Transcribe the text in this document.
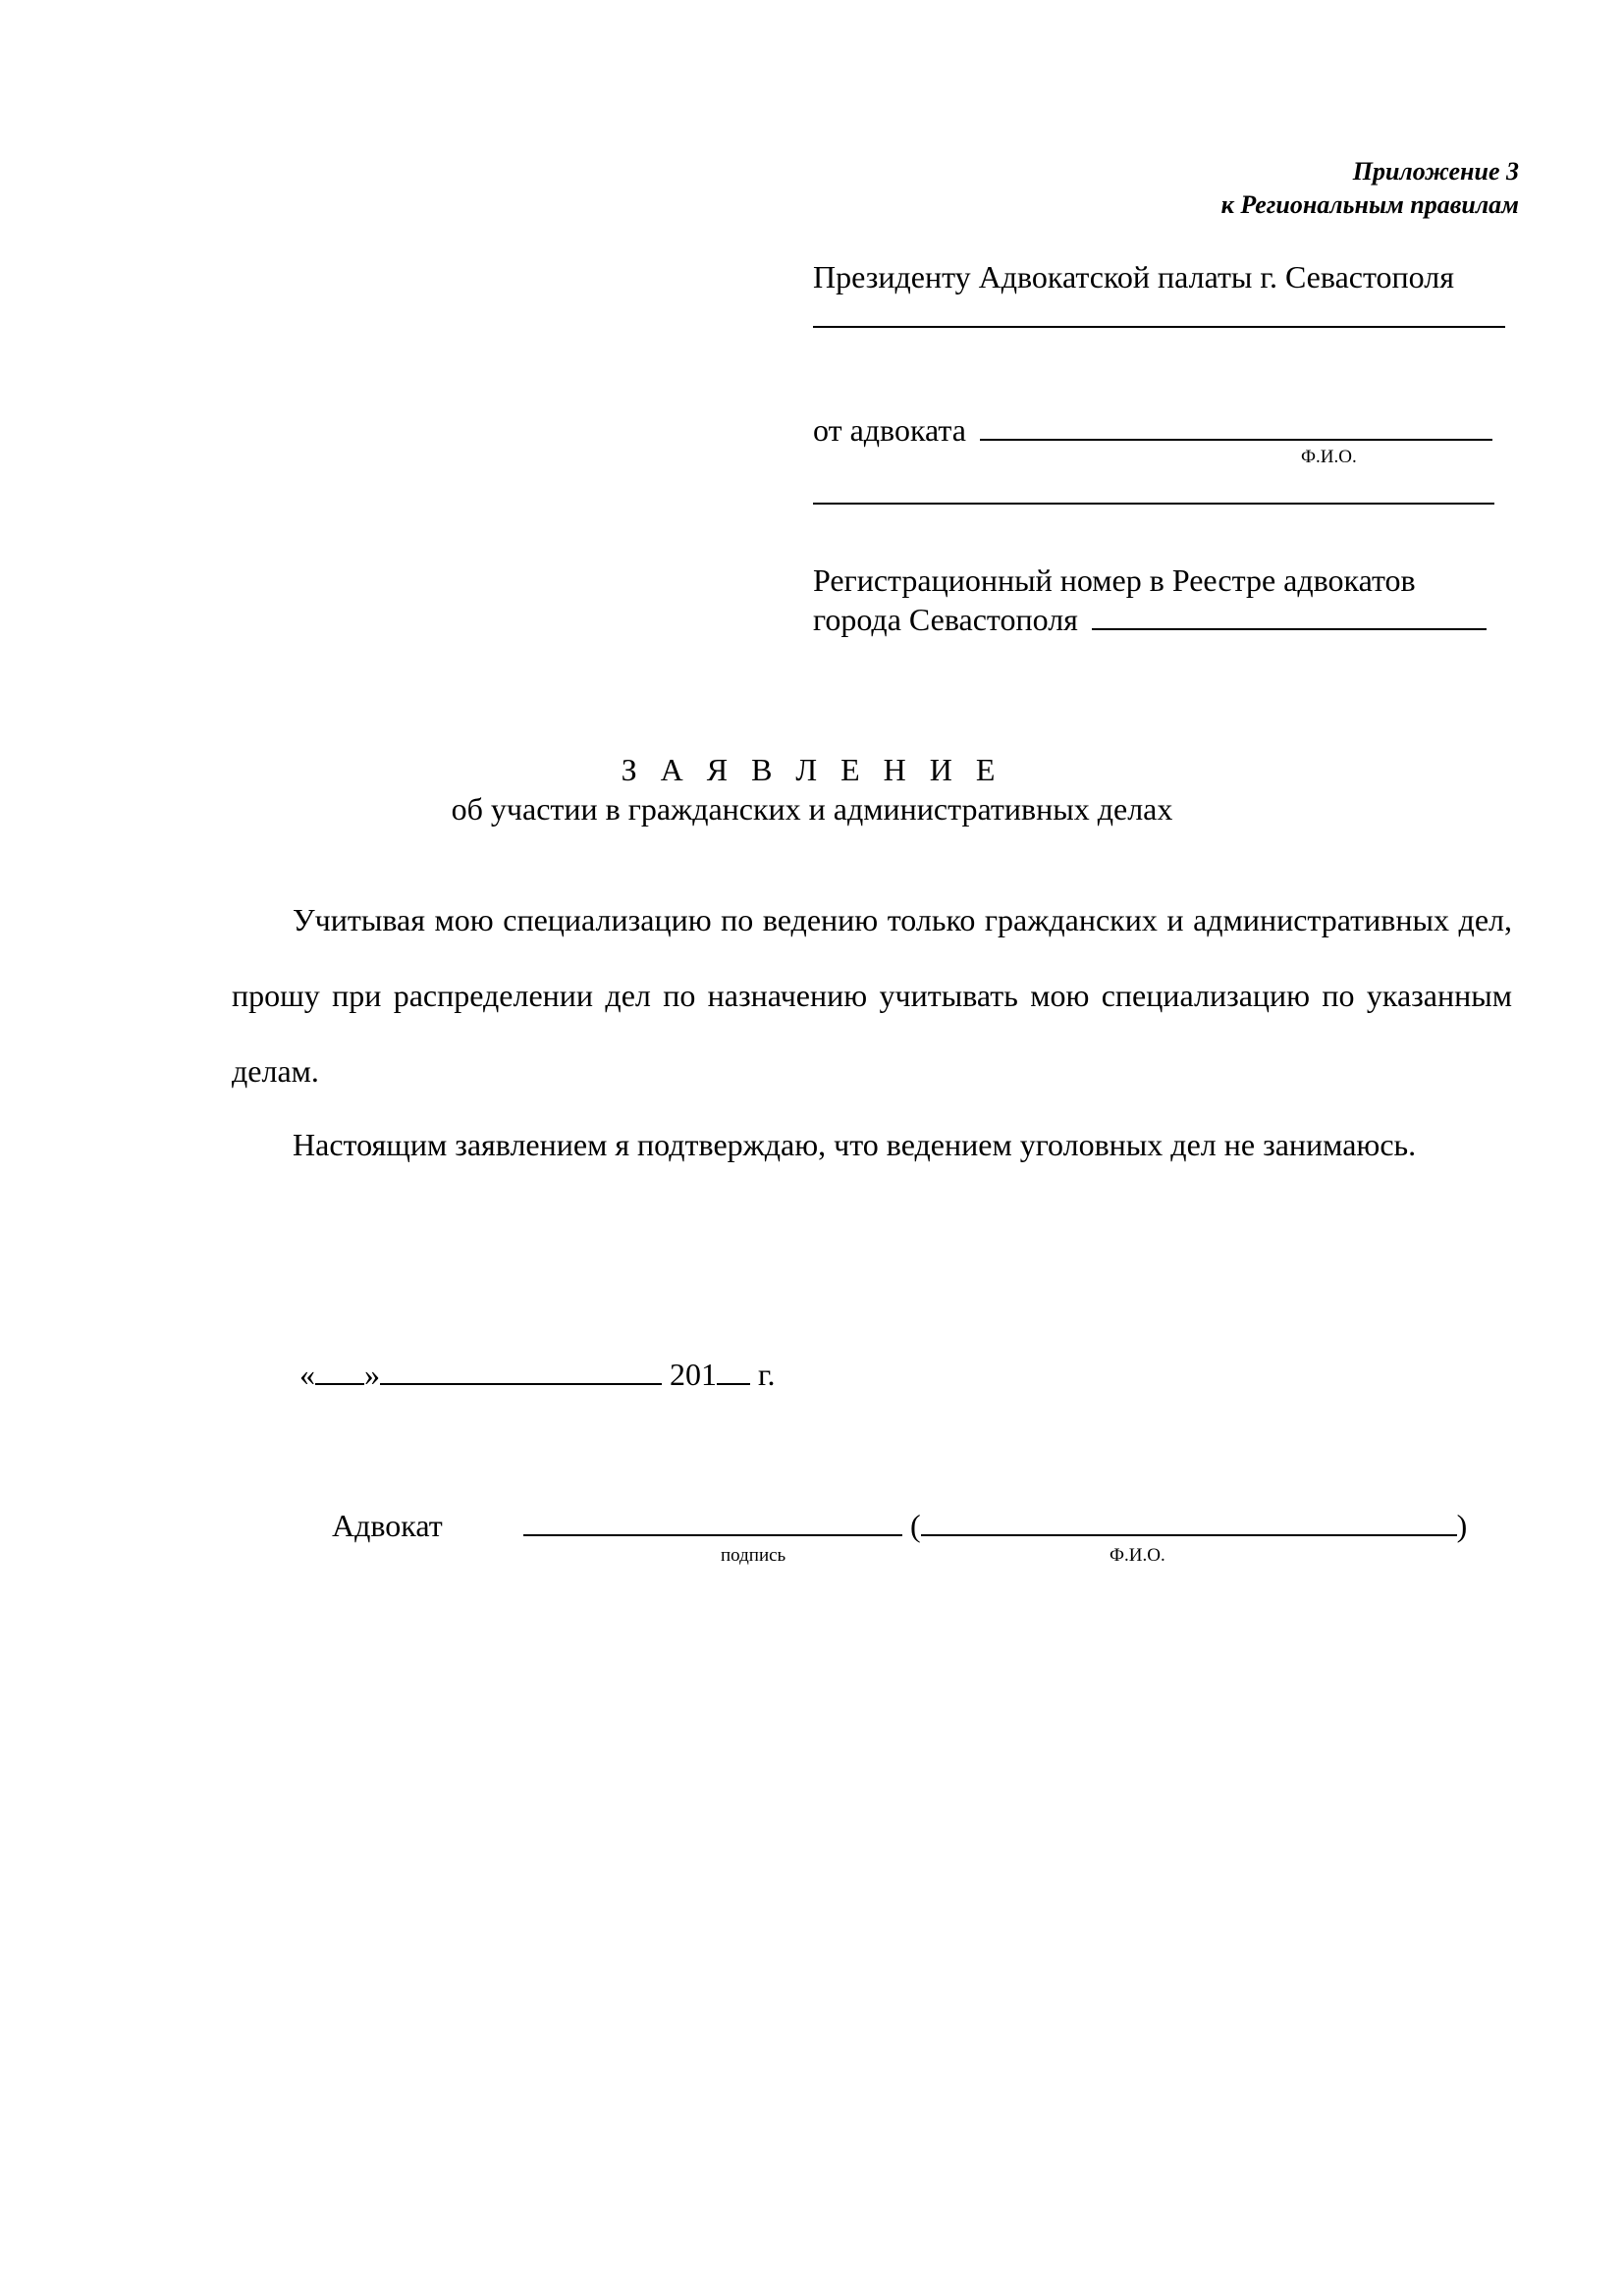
Приложение 3
к Региональным правилам
Президенту Адвокатской палаты г. Севастополя
от адвоката
Ф.И.О.
Регистрационный номер в Реестре адвокатов
города Севастополя
З А Я В Л Е Н И Е
об участии в гражданских и административных делах
Учитывая мою специализацию по ведению только гражданских и административных дел, прошу при распределении дел по назначению учитывать мою специализацию по указанным делам.
Настоящим заявлением я подтверждаю, что ведением уголовных дел не занимаюсь.
« »	201 г.
Адвокат	(	)
подпись	Ф.И.О.
